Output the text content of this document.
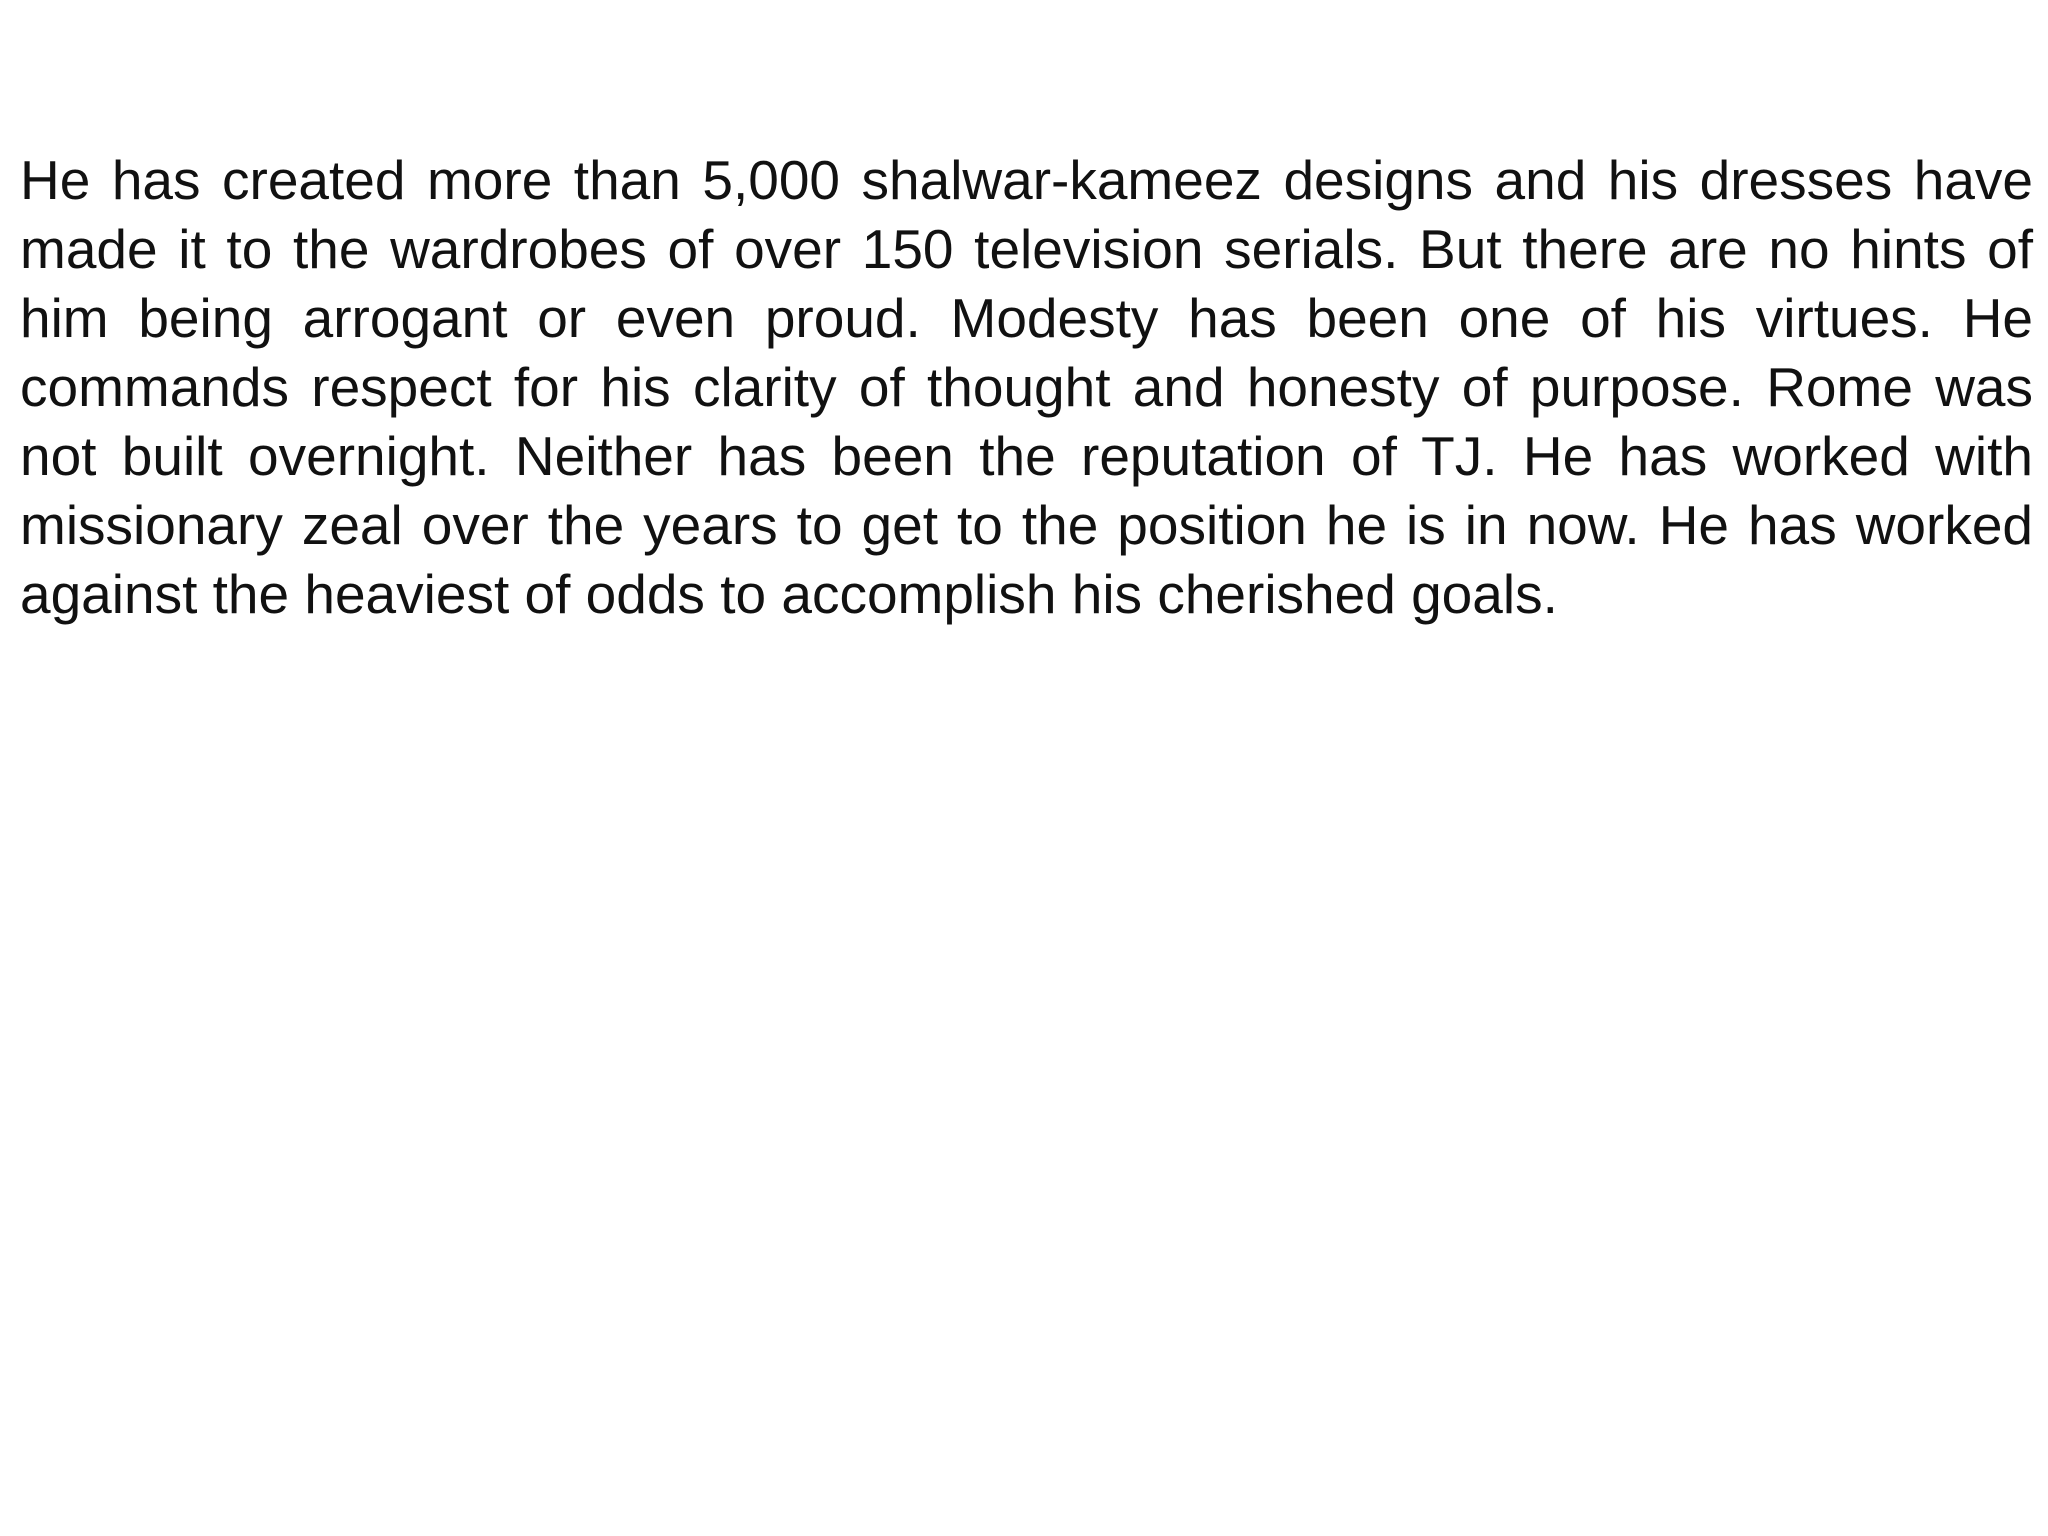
He has created more than 5,000 shalwar-kameez designs and his dresses have made it to the wardrobes of over 150 television serials. But there are no hints of him being arrogant or even proud. Modesty has been one of his virtues. He commands respect for his clarity of thought and honesty of purpose. Rome was not built overnight. Neither has been the reputation of TJ. He has worked with missionary zeal over the years to get to the position he is in now. He has worked against the heaviest of odds to accomplish his cherished goals.
